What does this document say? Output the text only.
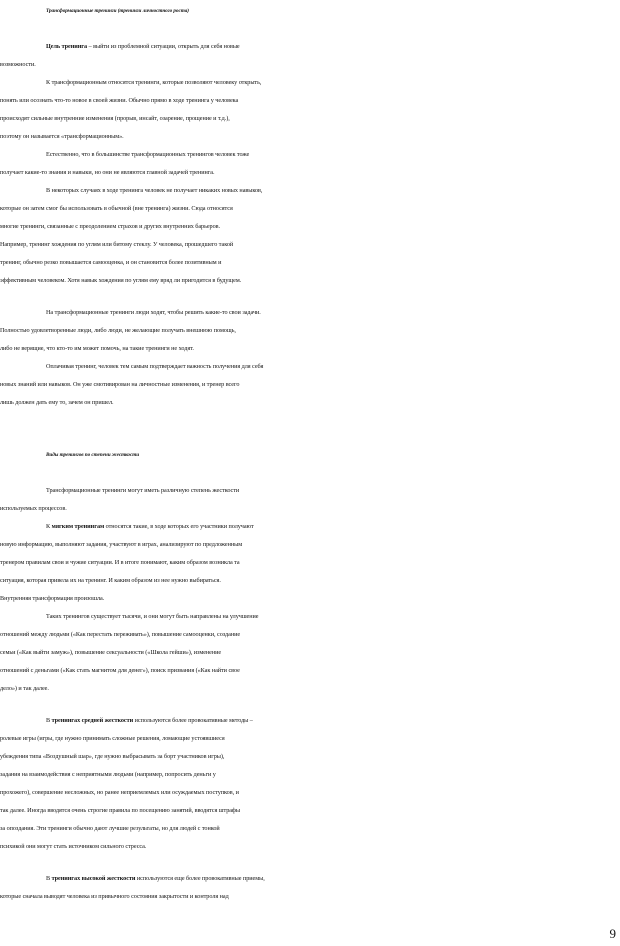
Трансформационные тренинги (тренинги личностного роста)
Цель тренинга – выйти из проблемной ситуации, открыть для себя новые
возможности.
К трансформационным относятся тренинги, которые позволяют человеку открыть,
понять или осознать что-то новое в своей жизни. Обычно прямо в ходе тренинга у человека
происходят сильные внутренние изменения (прорыв, инсайт, озарение, прощение и т.д.),
поэтому он называется «трансформационным».
Естественно, что в большинстве трансформационных тренингов человек тоже
получает какие-то знания и навыки, но они не являются главной задачей тренинга.
В некоторых случаях в ходе тренинга человек не получает никаких новых навыков,
которые он затем смог бы использовать в обычной (вне тренинга) жизни. Сюда относятся
многие тренинги, связанные с преодолением страхов и других внутренних барьеров.
Например, тренинг хождения по углям или битому стеклу. У человека, прошедшего такой
тренинг, обычно резко повышается самооценка, и он становится более позитивным и
эффективным человеком. Хотя навык хождения по углям ему вряд ли пригодится в будущем.
На трансформационные тренинги люди ходят, чтобы решить какие-то свои задачи.
Полностью удовлетворенные люди, либо люди, не желающие получать внешнюю помощь,
либо не верящие, что кто-то им может помочь, на такие тренинги не ходят.
Оплачивая тренинг, человек тем самым подтверждает важность получения для себя
новых знаний или навыков. Он уже смотивирован на личностные изменения, и тренер всего
лишь должен дать ему то, зачем он пришел.
Виды тренингов по степени жесткости
Трансформационные тренинги могут иметь различную степень жесткости
используемых процессов.
К мягким тренингам относятся такие, в ходе которых его участники получают
новую информацию, выполняют задания, участвуют в играх, анализируют по предложенным
тренером правилам свои и чужие ситуации. И в итоге понимают, каким образом возникла та
ситуация, которая привела их на тренинг. И каким образом из нее нужно выбираться.
Внутренняя трансформация произошла.
Таких тренингов существует тысячи, и они могут быть направлены на улучшение
отношений между людьми («Как перестать переживать»), повышение самооценки, создание
семьи («Как выйти замуж»), повышение сексуальности («Школа гейши»), изменение
отношений с деньгами («Как стать магнитом для денег»), поиск призвания («Как найти свое
дело») и так далее.
В тренингах средней жесткости используются более провокативные методы –
ролевые игры (игры, где нужно принимать сложные решения, ломающие устоявшиеся
убеждения типа «Воздушный шар», где нужно выбрасывать за борт участников игры),
задания на взаимодействия с неприятными людьми (например, попросить деньги у
прохожего), совершение несложных, но ранее неприемлемых или осуждаемых поступков, и
так далее. Иногда вводятся очень строгие правила по посещению занятий, вводятся штрафы
за опоздания. Эти тренинги обычно дают лучшие результаты, но для людей с тонкой
психикой они могут стать источником сильного стресса.
В тренингах высокой жесткости используются еще более провокативные приемы,
которые сначала выводят человека из привычного состояния закрытости и контроля над
9
